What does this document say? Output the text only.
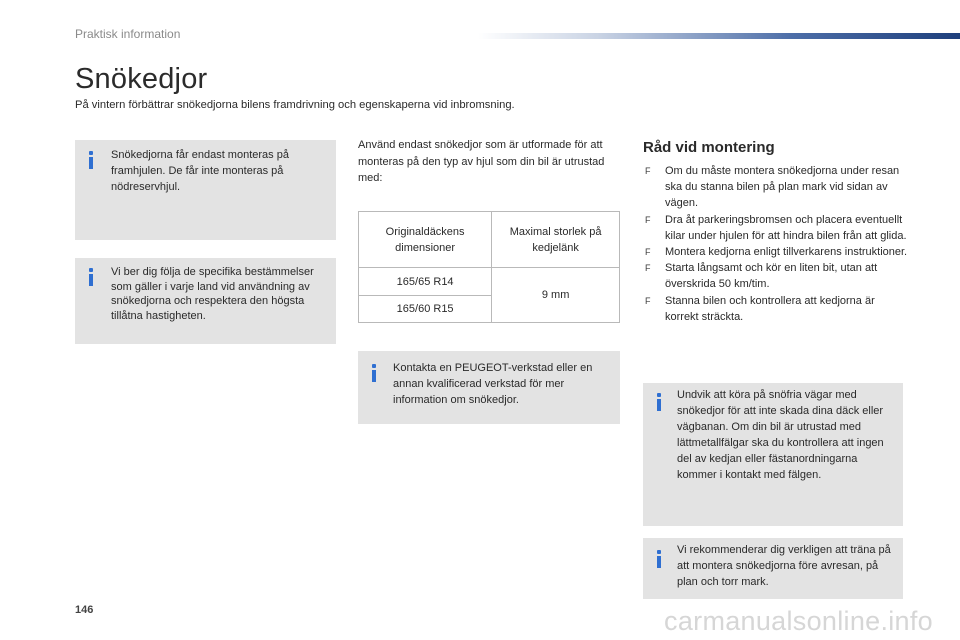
Praktisk information
Snökedjor

På vintern förbättrar snökedjorna bilens framdrivning och egenskaperna vid inbromsning.

Snökedjorna får endast monteras på framhjulen. De får inte monteras på nödreservhjul.

Vi ber dig följa de specifika bestämmelser som gäller i varje land vid användning av snökedjorna och respektera den högsta tillåtna hastigheten.

Använd endast snökedjor som är utformade för att monteras på den typ av hjul som din bil är utrustad med:

Originaldäckens dimensioner	Maximal storlek på kedjelänk
165/65 R14	9 mm
165/60 R15	

Kontakta en PEUGEOT-verkstad eller en annan kvalificerad verkstad för mer information om snökedjor.

Råd vid montering
F Om du måste montera snökedjorna under resan ska du stanna bilen på plan mark vid sidan av vägen.
F Dra åt parkeringsbromsen och placera eventuellt kilar under hjulen för att hindra bilen från att glida.
F Montera kedjorna enligt tillverkarens instruktioner.
F Starta långsamt och kör en liten bit, utan att överskrida 50 km/tim.
F Stanna bilen och kontrollera att kedjorna är korrekt sträckta.

Undvik att köra på snöfria vägar med snökedjor för att inte skada dina däck eller vägbanan. Om din bil är utrustad med lättmetallfälgar ska du kontrollera att ingen del av kedjan eller fästanordningarna kommer i kontakt med fälgen.

Vi rekommenderar dig verkligen att träna på att montera snökedjorna före avresan, på plan och torr mark.

146	carmanualsonline.info
